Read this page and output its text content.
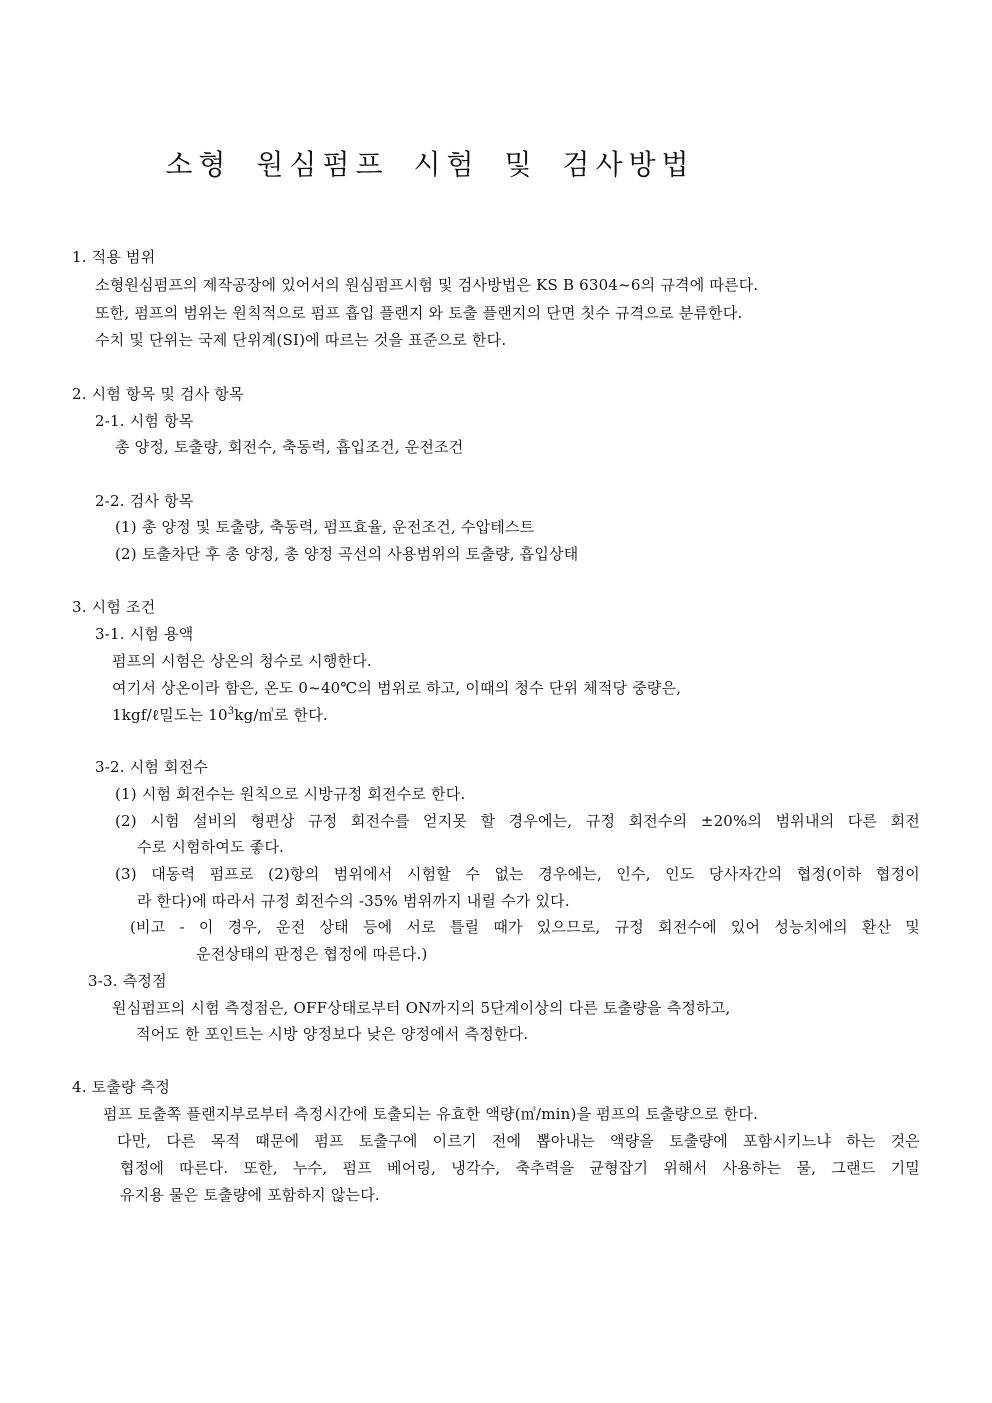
소형 원심펌프 시험 및 검사방법
1. 적용 범위
소형원심펌프의 제작공장에 있어서의 원심펌프시험 및 검사방법은 KS B 6304~6의 규격에 따른다.
또한, 펌프의 범위는 원칙적으로 펌프 흡입 플랜지 와 토출 플랜지의 단면 칫수 규격으로 분류한다.
수치 및 단위는 국제 단위계(SI)에 따르는 것을 표준으로 한다.
2. 시험 항목 및 검사 항목
2-1. 시험 항목
총 양정, 토출량, 회전수, 축동력, 흡입조건, 운전조건
2-2. 검사 항목
(1) 총 양정 및 토출량, 축동력, 펌프효율, 운전조건, 수압테스트
(2) 토출차단 후 총 양정, 총 양정 곡선의 사용범위의 토출량, 흡입상태
3. 시험 조건
3-1. 시험 용액
펌프의 시험은 상온의 청수로 시행한다.
여기서 상온이라 함은, 온도 0~40℃의 범위로 하고, 이때의 청수 단위 체적당 중량은,
1kgf/ℓ밀도는 $10^3kg/㎥$로 한다.
3-2. 시험 회전수
(1) 시험 회전수는 원칙으로 시방규정 회전수로 한다.
(2) 시험 설비의 형편상 규정 회전수를 얻지못 할 경우에는, 규정 회전수의 ±20%의 범위내의 다른 회전
수로 시험하여도 좋다.
(3) 대동력 펌프로 (2)항의 범위에서 시험할 수 없는 경우에는, 인수, 인도 당사자간의 협정(이하 협정이
라 한다)에 따라서 규정 회전수의 -35% 범위까지 내릴 수가 있다.
(비고 - 이 경우, 운전 상태 등에 서로 틀릴 때가 있으므로, 규정 회전수에 있어 성능치에의 환산 및
운전상태의 판정은 협정에 따른다.)
3-3. 측정점
원심펌프의 시험 측정점은, OFF상태로부터 ON까지의 5단계이상의 다른 토출량을 측정하고,
적어도 한 포인트는 시방 양정보다 낮은 양정에서 측정한다.
4. 토출량 측정
펌프 토출쪽 플랜지부로부터 측정시간에 토출되는 유효한 액량(㎥/min)을 펌프의 토출량으로 한다.
다만, 다른 목적 때문에 펌프 토출구에 이르기 전에 뽑아내는 액량을 토출량에 포함시키느냐 하는 것은
협정에 따른다. 또한, 누수, 펌프 베어링, 냉각수, 축추력을 균형잡기 위해서 사용하는 물, 그랜드 기밀
유지용 물은 토출량에 포함하지 않는다.
